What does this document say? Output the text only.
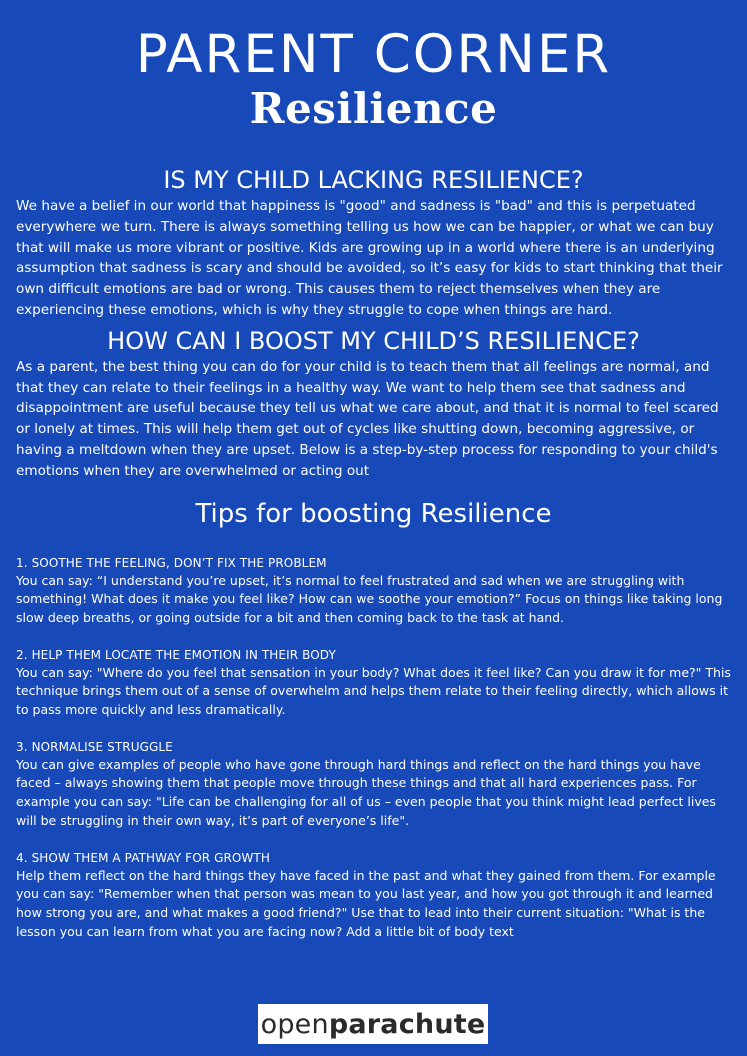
PARENT CORNER
Resilience
IS MY CHILD LACKING RESILIENCE?

We have a belief in our world that happiness is "good" and sadness is "bad" and this is perpetuated everywhere we turn. There is always something telling us how we can be happier, or what we can buy that will make us more vibrant or positive. Kids are growing up in a world where there is an underlying assumption that sadness is scary and should be avoided, so it’s easy for kids to start thinking that their own difficult emotions are bad or wrong. This causes them to reject themselves when they are experiencing these emotions, which is why they struggle to cope when things are hard.

HOW CAN I BOOST MY CHILD’S RESILIENCE?

As a parent, the best thing you can do for your child is to teach them that all feelings are normal, and that they can relate to their feelings in a healthy way. We want to help them see that sadness and disappointment are useful because they tell us what we care about, and that it is normal to feel scared or lonely at times. This will help them get out of cycles like shutting down, becoming aggressive, or having a meltdown when they are upset. Below is a step-by-step process for responding to your child's emotions when they are overwhelmed or acting out

Tips for boosting Resilience

1. SOOTHE THE FEELING, DON’T FIX THE PROBLEM

You can say: “I understand you’re upset, it’s normal to feel frustrated and sad when we are struggling with something! What does it make you feel like? How can we soothe your emotion?” Focus on things like taking long slow deep breaths, or going outside for a bit and then coming back to the task at hand.

2. HELP THEM LOCATE THE EMOTION IN THEIR BODY

You can say: "Where do you feel that sensation in your body? What does it feel like? Can you draw it for me?" This technique brings them out of a sense of overwhelm and helps them relate to their feeling directly, which allows it to pass more quickly and less dramatically.

3. NORMALISE STRUGGLE

You can give examples of people who have gone through hard things and reflect on the hard things you have faced – always showing them that people move through these things and that all hard experiences pass. For example you can say: "Life can be challenging for all of us – even people that you think might lead perfect lives will be struggling in their own way, it’s part of everyone’s life".

4. SHOW THEM A PATHWAY FOR GROWTH

Help them reflect on the hard things they have faced in the past and what they gained from them. For example you can say: "Remember when that person was mean to you last year, and how you got through it and learned how strong you are, and what makes a good friend?" Use that to lead into their current situation: "What is the lesson you can learn from what you are facing now? Add a little bit of body text

open parachute
